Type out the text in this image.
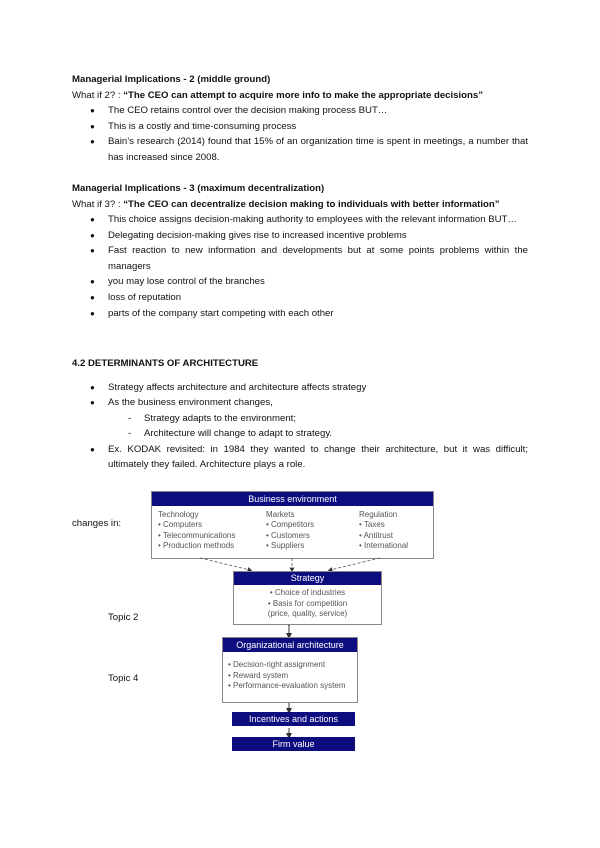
Managerial Implications - 2 (middle ground)
What if 2? : “The CEO can attempt to acquire more info to make the appropriate decisions”
● The CEO retains control over the decision making process BUT…
● This is a costly and time-consuming process
● Bain’s research (2014) found that 15% of an organization time is spent in meetings, a number that has increased since 2008.
Managerial Implications - 3 (maximum decentralization)
What if 3? : “The CEO can decentralize decision making to individuals with better information”
● This choice assigns decision-making authority to employees with the relevant information BUT…
● Delegating decision-making gives rise to increased incentive problems
● Fast reaction to new information and developments but at some points problems within the managers
● you may lose control of the branches
● loss of reputation
● parts of the company start competing with each other
4.2 DETERMINANTS OF ARCHITECTURE
● Strategy affects architecture and architecture affects strategy
● As the business environment changes,
- Strategy adapts to the environment;
- Architecture will change to adapt to strategy.
● Ex. KODAK revisited: in 1984 they wanted to change their architecture, but it was difficult; ultimately they failed. Architecture plays a role.
changes in:
Topic 2
Topic 4
Business environment
Technology
• Computers
• Telecommunications
• Production methods
Markets
• Competitors
• Customers
• Suppliers
Regulation
• Taxes
• Antitrust
• International
Strategy
• Choice of industries
• Basis for competition
(price, quality, service)
Organizational architecture
• Decision-right assignment
• Reward system
• Performance-evaluation system
Incentives and actions
Firm value
